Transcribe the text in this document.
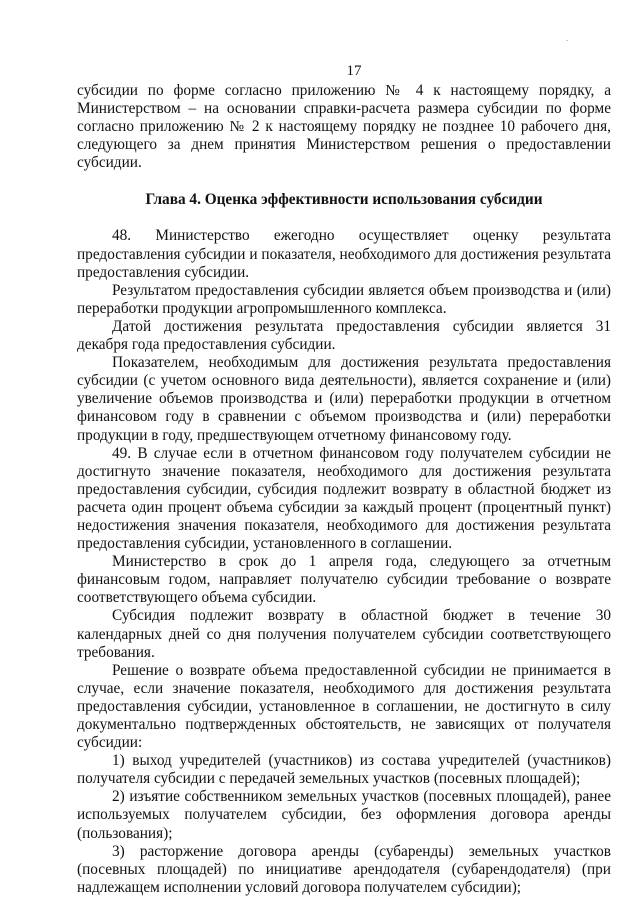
17

субсидии по форме согласно приложению № 4 к настоящему порядку, а Министерством – на основании справки-расчета размера субсидии по форме согласно приложению № 2 к настоящему порядку не позднее 10 рабочего дня, следующего за днем принятия Министерством решения о предоставлении субсидии.

Глава 4. Оценка эффективности использования субсидии

48. Министерство ежегодно осуществляет оценку результата предоставления субсидии и показателя, необходимого для достижения результата предоставления субсидии.

Результатом предоставления субсидии является объем производства и (или) переработки продукции агропромышленного комплекса.

Датой достижения результата предоставления субсидии является 31 декабря года предоставления субсидии.

Показателем, необходимым для достижения результата предоставления субсидии (с учетом основного вида деятельности), является сохранение и (или) увеличение объемов производства и (или) переработки продукции в отчетном финансовом году в сравнении с объемом производства и (или) переработки продукции в году, предшествующем отчетному финансовому году.

49. В случае если в отчетном финансовом году получателем субсидии не достигнуто значение показателя, необходимого для достижения результата предоставления субсидии, субсидия подлежит возврату в областной бюджет из расчета один процент объема субсидии за каждый процент (процентный пункт) недостижения значения показателя, необходимого для достижения результата предоставления субсидии, установленного в соглашении.

Министерство в срок до 1 апреля года, следующего за отчетным финансовым годом, направляет получателю субсидии требование о возврате соответствующего объема субсидии.

Субсидия подлежит возврату в областной бюджет в течение 30 календарных дней со дня получения получателем субсидии соответствующего требования.

Решение о возврате объема предоставленной субсидии не принимается в случае, если значение показателя, необходимого для достижения результата предоставления субсидии, установленное в соглашении, не достигнуто в силу документально подтвержденных обстоятельств, не зависящих от получателя субсидии:

1) выход учредителей (участников) из состава учредителей (участников) получателя субсидии с передачей земельных участков (посевных площадей);

2) изъятие собственником земельных участков (посевных площадей), ранее используемых получателем субсидии, без оформления договора аренды (пользования);

3) расторжение договора аренды (субаренды) земельных участков (посевных площадей) по инициативе арендодателя (субарендодателя) (при надлежащем исполнении условий договора получателем субсидии);
